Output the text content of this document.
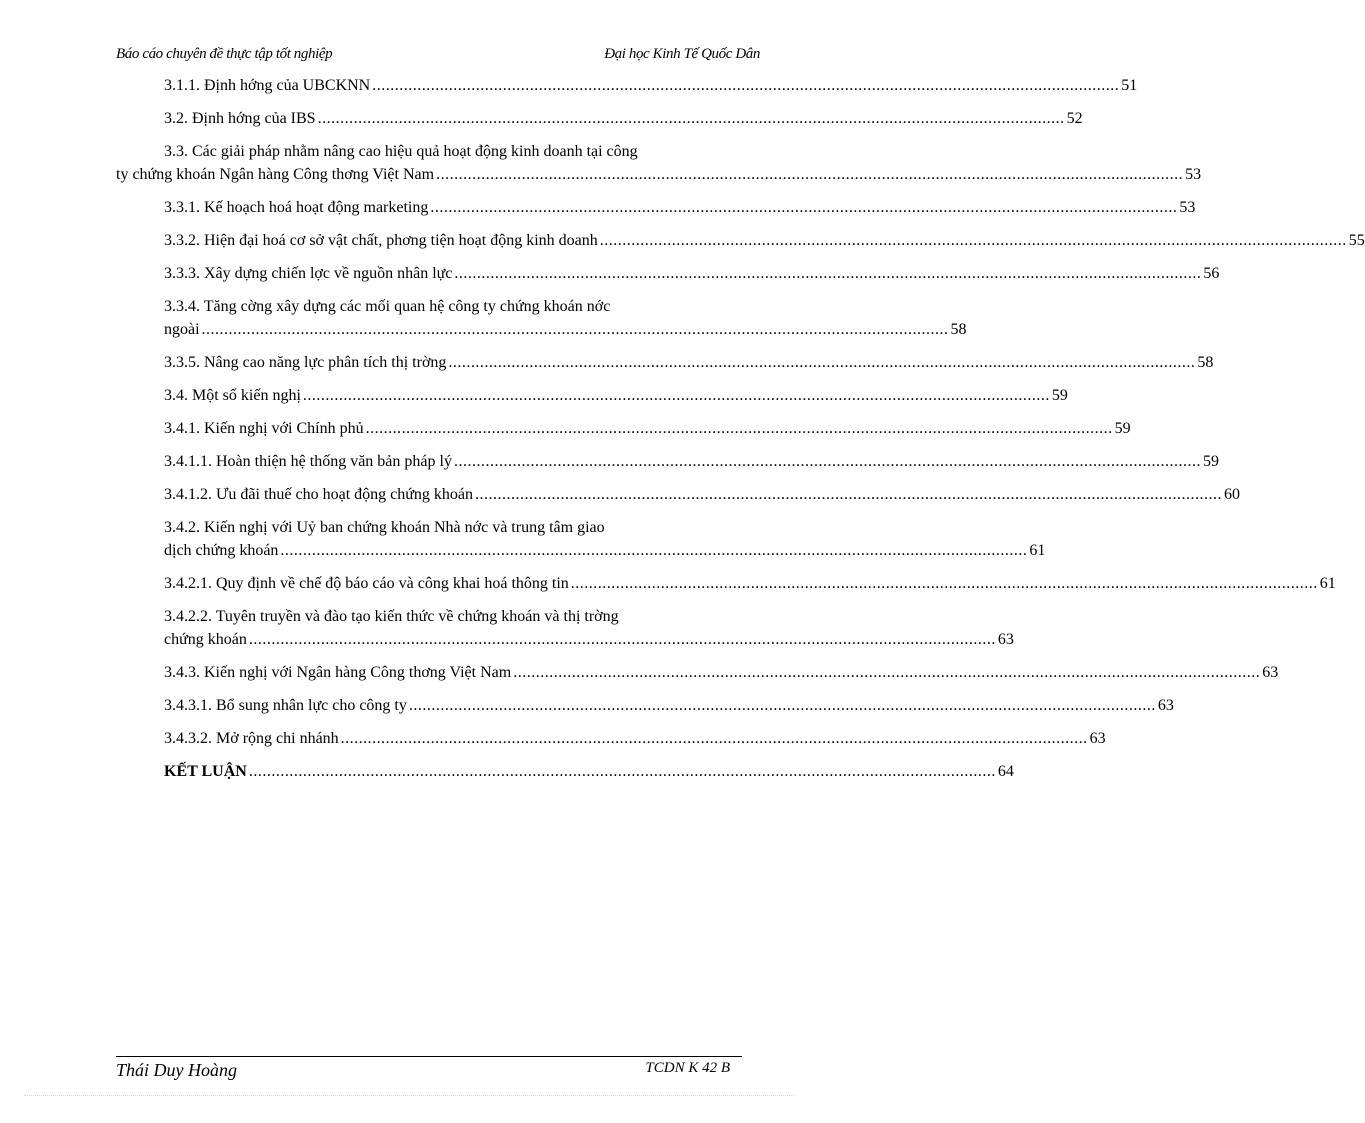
Báo cáo chuyên đề thực tập tốt nghiệp	Đại học Kinh Tế Quốc Dân
3.1.1. Định hớng của UBCKNN ...................................................................................................................................................................... 51
3.2. Định hớng của IBS ...................................................................................................................................................................... 52
3.3. Các giải pháp nhằm nâng cao hiệu quả hoạt động kinh doanh tại công
ty chứng khoán Ngân hàng Công thơng Việt Nam ...................................................................................................................................................................... 53
3.3.1. Kế hoạch hoá hoạt động marketing ...................................................................................................................................................................... 53
3.3.2. Hiện đại hoá cơ sở vật chất, phơng tiện hoạt động kinh doanh ...................................................................................................................................................................... 55
3.3.3. Xây dựng chiến lợc về nguồn nhân lực ...................................................................................................................................................................... 56
3.3.4. Tăng cờng xây dựng các mối quan hệ công ty chứng khoán nớc
ngoài ...................................................................................................................................................................... 58
3.3.5. Nâng cao năng lực phân tích thị trờng ...................................................................................................................................................................... 58
3.4. Một số kiến nghị ...................................................................................................................................................................... 59
3.4.1. Kiến nghị với Chính phủ ...................................................................................................................................................................... 59
3.4.1.1. Hoàn thiện hệ thống văn bản pháp lý ...................................................................................................................................................................... 59
3.4.1.2. Ưu đãi thuế cho hoạt động chứng khoán ...................................................................................................................................................................... 60
3.4.2. Kiến nghị với Uỷ ban chứng khoán Nhà nớc và trung tâm giao
dịch chứng khoán ...................................................................................................................................................................... 61
3.4.2.1. Quy định về chế độ báo cáo và công khai hoá thông tin ...................................................................................................................................................................... 61
3.4.2.2. Tuyên truyền và đào tạo kiến thức về chứng khoán và thị trờng
chứng khoán ...................................................................................................................................................................... 63
3.4.3. Kiến nghị với Ngân hàng Công thơng Việt Nam ...................................................................................................................................................................... 63
3.4.3.1. Bổ sung nhân lực cho công ty ...................................................................................................................................................................... 63
3.4.3.2. Mở rộng chi nhánh ...................................................................................................................................................................... 63
KẾT LUẬN ...................................................................................................................................................................... 64
Thái Duy Hoàng	TCDN K 42 B
